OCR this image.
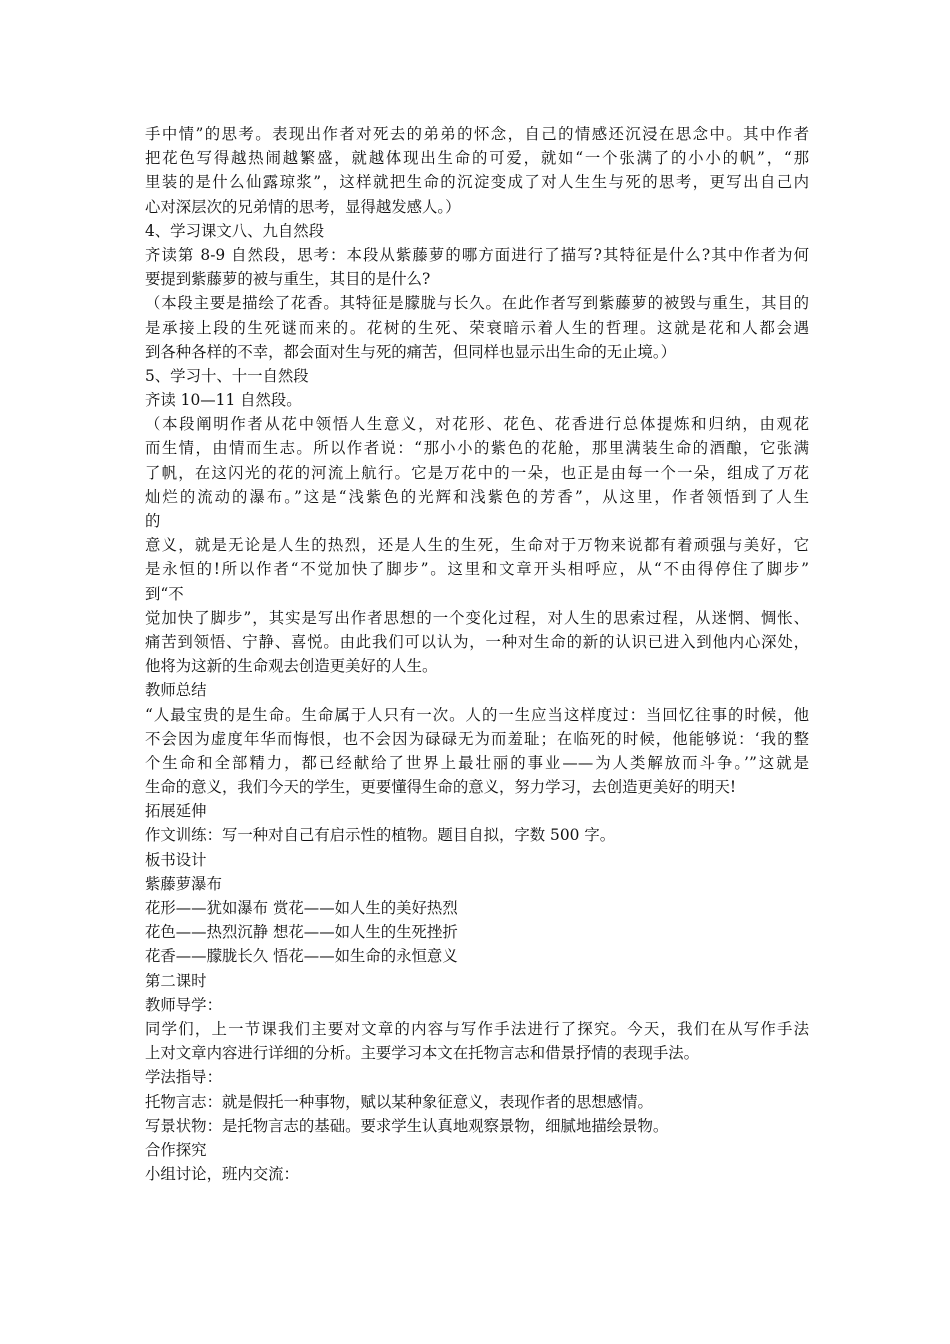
手中情”的思考。表现出作者对死去的弟弟的怀念，自己的情感还沉浸在思念中。其中作者
把花色写得越热闹越繁盛，就越体现出生命的可爱，就如“一个张满了的小小的帆”，“那
里装的是什么仙露琼浆”，这样就把生命的沉淀变成了对人生生与死的思考，更写出自己内
心对深层次的兄弟情的思考，显得越发感人。）
4、学习课文八、九自然段
齐读第 8-9 自然段，思考：本段从紫藤萝的哪方面进行了描写?其特征是什么?其中作者为何
要提到紫藤萝的被与重生，其目的是什么?
（本段主要是描绘了花香。其特征是朦胧与长久。在此作者写到紫藤萝的被毁与重生，其目的
是承接上段的生死谜而来的。花树的生死、荣衰暗示着人生的哲理。这就是花和人都会遇
到各种各样的不幸，都会面对生与死的痛苦，但同样也显示出生命的无止境。）
5、学习十、十一自然段
齐读 10—11 自然段。
（本段阐明作者从花中领悟人生意义，对花形、花色、花香进行总体提炼和归纳，由观花
而生情，由情而生志。所以作者说：“那小小的紫色的花舱，那里满装生命的酒酿，它张满
了帆，在这闪光的花的河流上航行。它是万花中的一朵，也正是由每一个一朵，组成了万花
灿烂的流动的瀑布。”这是“浅紫色的光辉和浅紫色的芳香”，从这里，作者领悟到了人生
的
意义，就是无论是人生的热烈，还是人生的生死，生命对于万物来说都有着顽强与美好，它
是永恒的!所以作者“不觉加快了脚步”。这里和文章开头相呼应，从“不由得停住了脚步”
到“不
觉加快了脚步”，其实是写出作者思想的一个变化过程，对人生的思索过程，从迷惘、惆怅、
痛苦到领悟、宁静、喜悦。由此我们可以认为，一种对生命的新的认识已进入到他内心深处，
他将为这新的生命观去创造更美好的人生。
教师总结
“人最宝贵的是生命。生命属于人只有一次。人的一生应当这样度过：当回忆往事的时候，他
不会因为虚度年华而悔恨，也不会因为碌碌无为而羞耻；在临死的时候，他能够说：‘我的整
个生命和全部精力，都已经献给了世界上最壮丽的事业——为人类解放而斗争。’”这就是
生命的意义，我们今天的学生，更要懂得生命的意义，努力学习，去创造更美好的明天!
拓展延伸
作文训练：写一种对自己有启示性的植物。题目自拟，字数 500 字。
板书设计
紫藤萝瀑布
花形——犹如瀑布 赏花——如人生的美好热烈
花色——热烈沉静 想花——如人生的生死挫折
花香——朦胧长久 悟花——如生命的永恒意义
第二课时
教师导学：
同学们，上一节课我们主要对文章的内容与写作手法进行了探究。今天，我们在从写作手法
上对文章内容进行详细的分析。主要学习本文在托物言志和借景抒情的表现手法。
学法指导：
托物言志：就是假托一种事物，赋以某种象征意义，表现作者的思想感情。
写景状物：是托物言志的基础。要求学生认真地观察景物，细腻地描绘景物。
合作探究
小组讨论，班内交流：
